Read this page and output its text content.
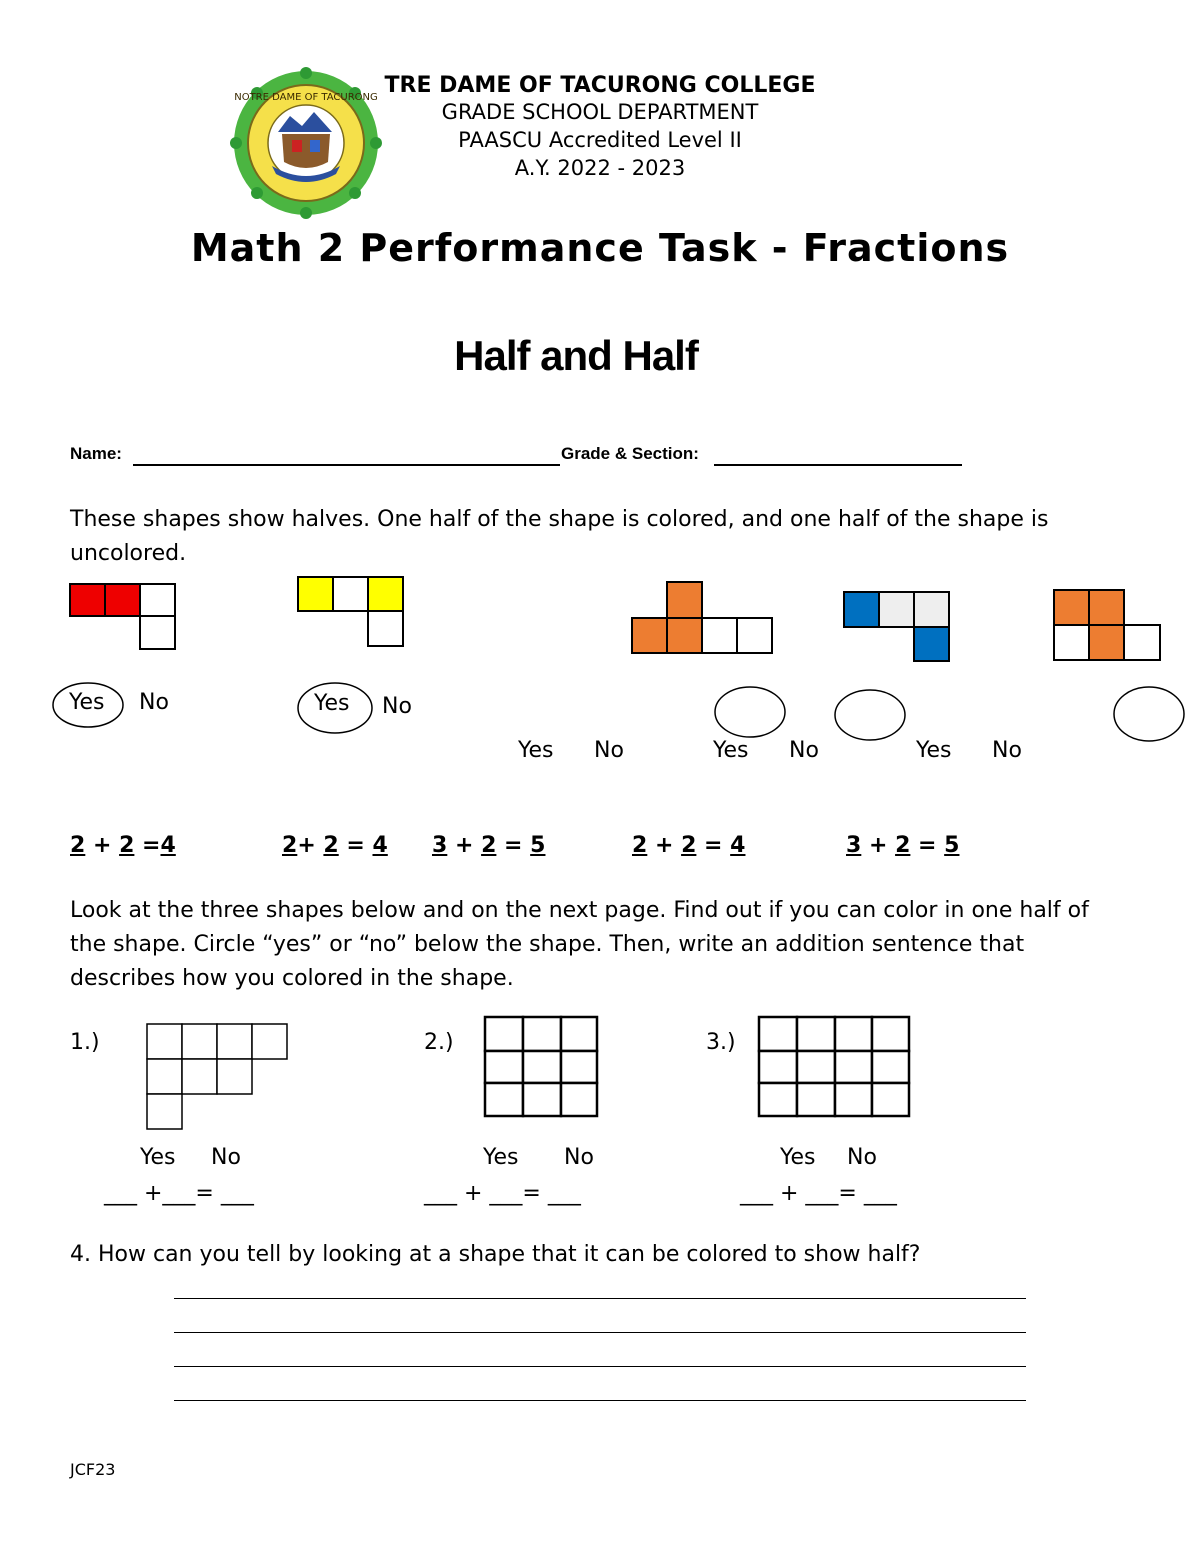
NOTRE DAME OF TACURONG TRE DAME OF TACURONG COLLEGE
GRADE SCHOOL DEPARTMENT
PAASCU Accredited Level II
A.Y. 2022 - 2023
Math 2 Performance Task - Fractions
Half and Half
Name:	Grade & Section:
These shapes show halves. One half of the shape is colored, and one half of the shape is uncolored.
Yes No	Yes No
Yes No	Yes No	Yes No
2 + 2 =4	2+ 2 = 4 3 + 2 = 5	2 + 2 = 4	3 + 2 = 5
Look at the three shapes below and on the next page. Find out if you can color in one half of the shape. Circle “yes” or “no” below the shape. Then, write an addition sentence that describes how you colored in the shape.
1.)	2.)	3.)
Yes No	Yes No	Yes No
___ +___= ___	___ + ___= ___	___ + ___= ___
4. How can you tell by looking at a shape that it can be colored to show half?
JCF23
